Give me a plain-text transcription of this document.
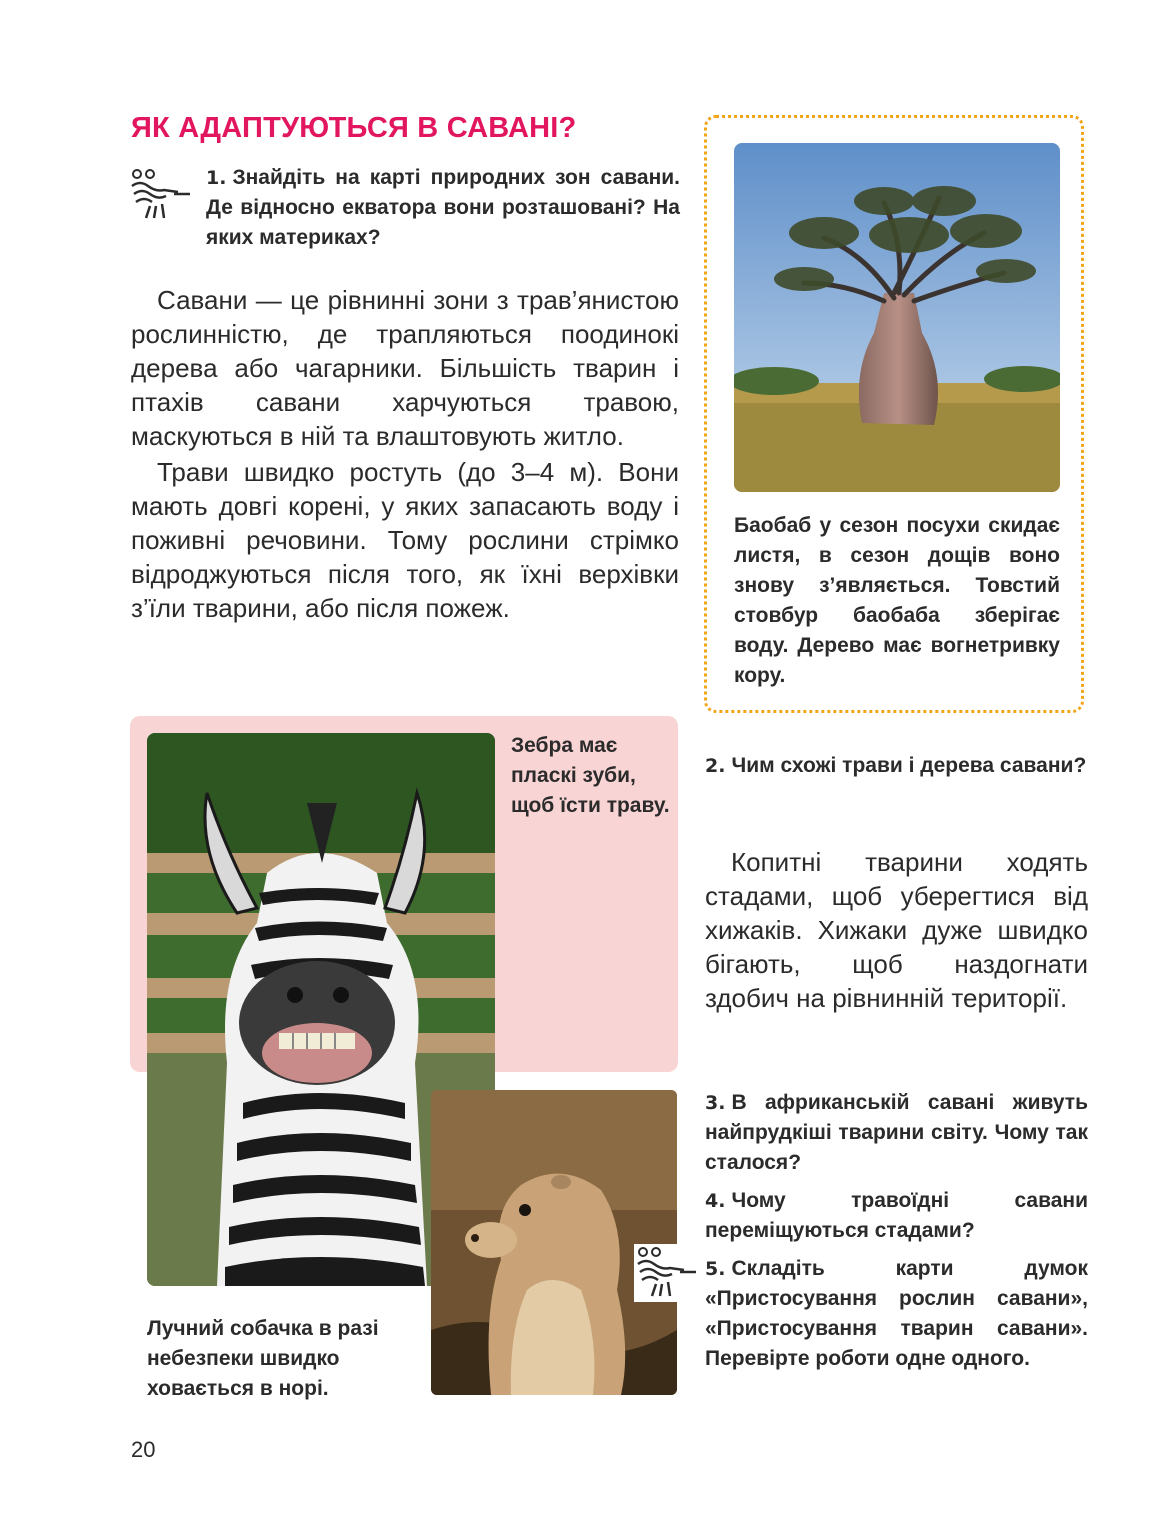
ЯК АДАПТУЮТЬСЯ В САВАНІ?
1. Знайдіть на карті природних зон савани. Де відносно екватора вони розташовані? На яких материках?

Савани — це рівнинні зони з трав’янистою рослинністю, де трапляються поодинокі дерева або чагарники. Більшість тварин і птахів савани харчуються травою, маскуються в ній та влаштовують житло.

Трави швидко ростуть (до 3–4 м). Вони мають довгі корені, у яких запасають воду і поживні речовини. Тому рослини стрімко відроджуються після того, як їхні верхівки з’їли тварини, або після пожеж.

Баобаб у сезон посухи скидає листя, в сезон дощів воно знову з’являється. Товстий стовбур баобаба зберігає воду. Дерево має вогнетривку кору.
Зебра має пласкі зуби, щоб їсти траву.
Лучний собачка в разі небезпеки швидко ховається в норі.
2. Чим схожі трави і дерева савани?

Копитні тварини ходять стадами, щоб уберегтися від хижаків. Хижаки дуже швидко бігають, щоб наздогнати здобич на рівнинній території.

3. В африканській савані живуть найпрудкіші тварини світу. Чому так сталося?
4. Чому травоїдні савани переміщуються стадами?
5. Складіть карти думок «Пристосування рослин савани», «Пристосування тварин савани». Перевірте роботи одне одного.
20
